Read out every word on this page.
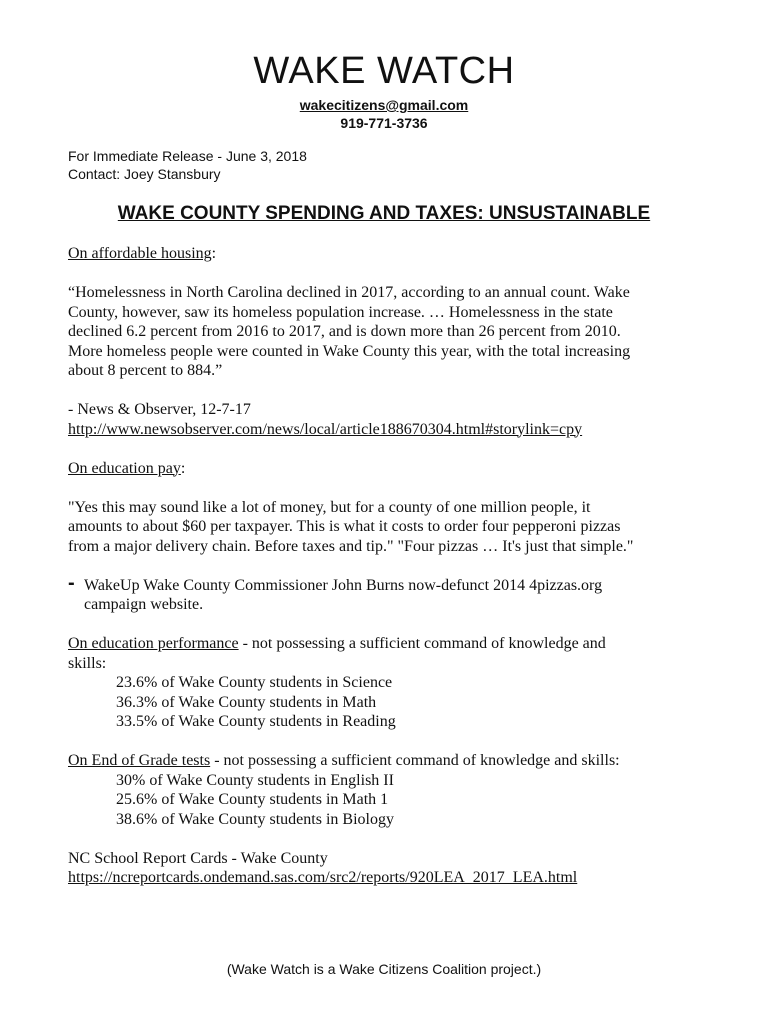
WAKE WATCH
wakecitizens@gmail.com
919-771-3736
For Immediate Release - June 3, 2018
Contact: Joey Stansbury
WAKE COUNTY SPENDING AND TAXES: UNSUSTAINABLE

On affordable housing:

“Homelessness in North Carolina declined in 2017, according to an annual count. Wake

County, however, saw its homeless population increase. … Homelessness in the state

declined 6.2 percent from 2016 to 2017, and is down more than 26 percent from 2010.

More homeless people were counted in Wake County this year, with the total increasing

about 8 percent to 884.”

- News & Observer, 12-7-17

http://www.newsobserver.com/news/local/article188670304.html#storylink=cpy

On education pay:

"Yes this may sound like a lot of money, but for a county of one million people, it

amounts to about $60 per taxpayer. This is what it costs to order four pepperoni pizzas

from a major delivery chain. Before taxes and tip." "Four pizzas … It's just that simple."

- WakeUp Wake County Commissioner John Burns now-defunct 2014 4pizzas.org

campaign website.

On education performance - not possessing a sufficient command of knowledge and

skills:

23.6% of Wake County students in Science

36.3% of Wake County students in Math

33.5% of Wake County students in Reading

On End of Grade tests - not possessing a sufficient command of knowledge and skills:

30% of Wake County students in English II

25.6% of Wake County students in Math 1

38.6% of Wake County students in Biology

NC School Report Cards - Wake County

https://ncreportcards.ondemand.sas.com/src2/reports/920LEA_2017_LEA.html

(Wake Watch is a Wake Citizens Coalition project.)
